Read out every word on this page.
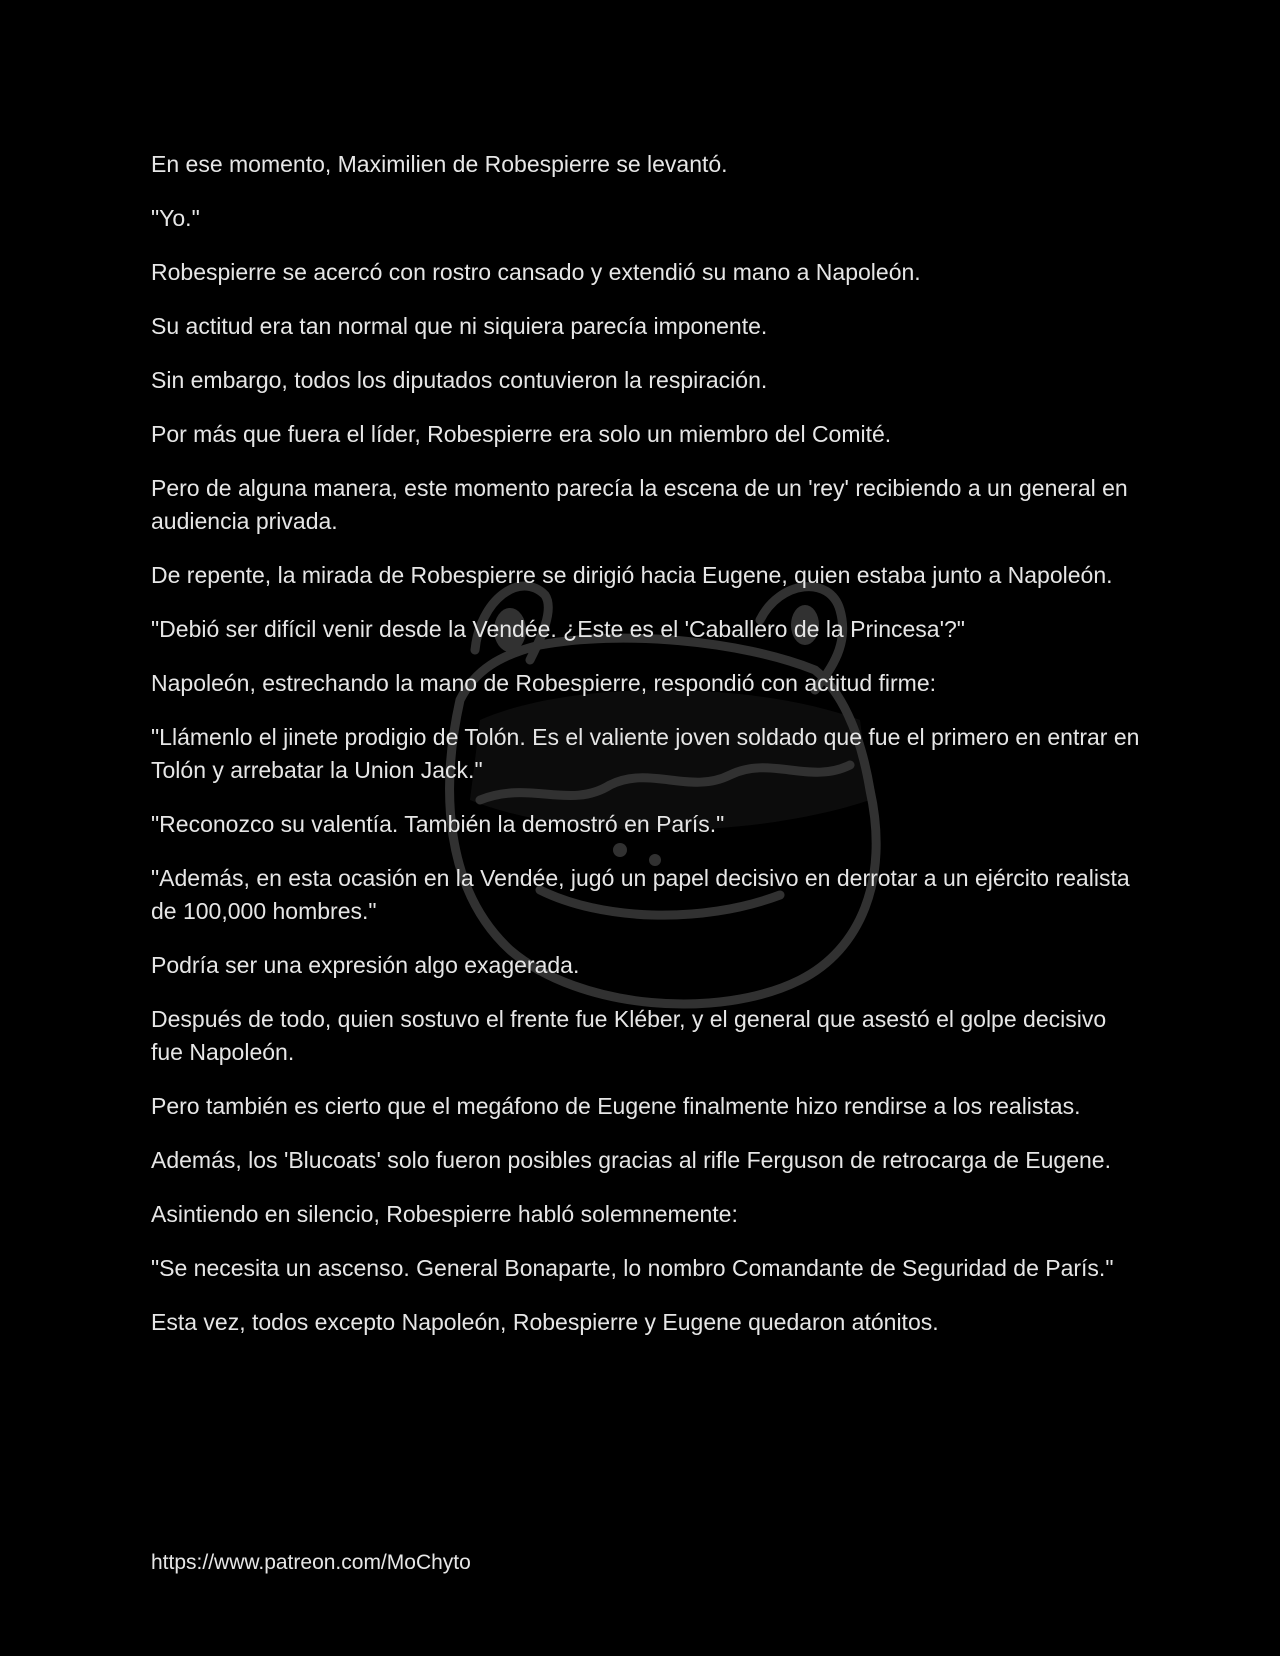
En ese momento, Maximilien de Robespierre se levantó.

"Yo."

Robespierre se acercó con rostro cansado y extendió su mano a Napoleón.

Su actitud era tan normal que ni siquiera parecía imponente.

Sin embargo, todos los diputados contuvieron la respiración.

Por más que fuera el líder, Robespierre era solo un miembro del Comité.

Pero de alguna manera, este momento parecía la escena de un 'rey' recibiendo a un general en audiencia privada.

De repente, la mirada de Robespierre se dirigió hacia Eugene, quien estaba junto a Napoleón.

"Debió ser difícil venir desde la Vendée. ¿Este es el 'Caballero de la Princesa'?"

Napoleón, estrechando la mano de Robespierre, respondió con actitud firme:

"Llámenlo el jinete prodigio de Tolón. Es el valiente joven soldado que fue el primero en entrar en Tolón y arrebatar la Union Jack."

"Reconozco su valentía. También la demostró en París."

"Además, en esta ocasión en la Vendée, jugó un papel decisivo en derrotar a un ejército realista de 100,000 hombres."

Podría ser una expresión algo exagerada.

Después de todo, quien sostuvo el frente fue Kléber, y el general que asestó el golpe decisivo fue Napoleón.

Pero también es cierto que el megáfono de Eugene finalmente hizo rendirse a los realistas.

Además, los 'Blucoats' solo fueron posibles gracias al rifle Ferguson de retrocarga de Eugene.

Asintiendo en silencio, Robespierre habló solemnemente:

"Se necesita un ascenso. General Bonaparte, lo nombro Comandante de Seguridad de París."

Esta vez, todos excepto Napoleón, Robespierre y Eugene quedaron atónitos.

https://www.patreon.com/MoChyto
